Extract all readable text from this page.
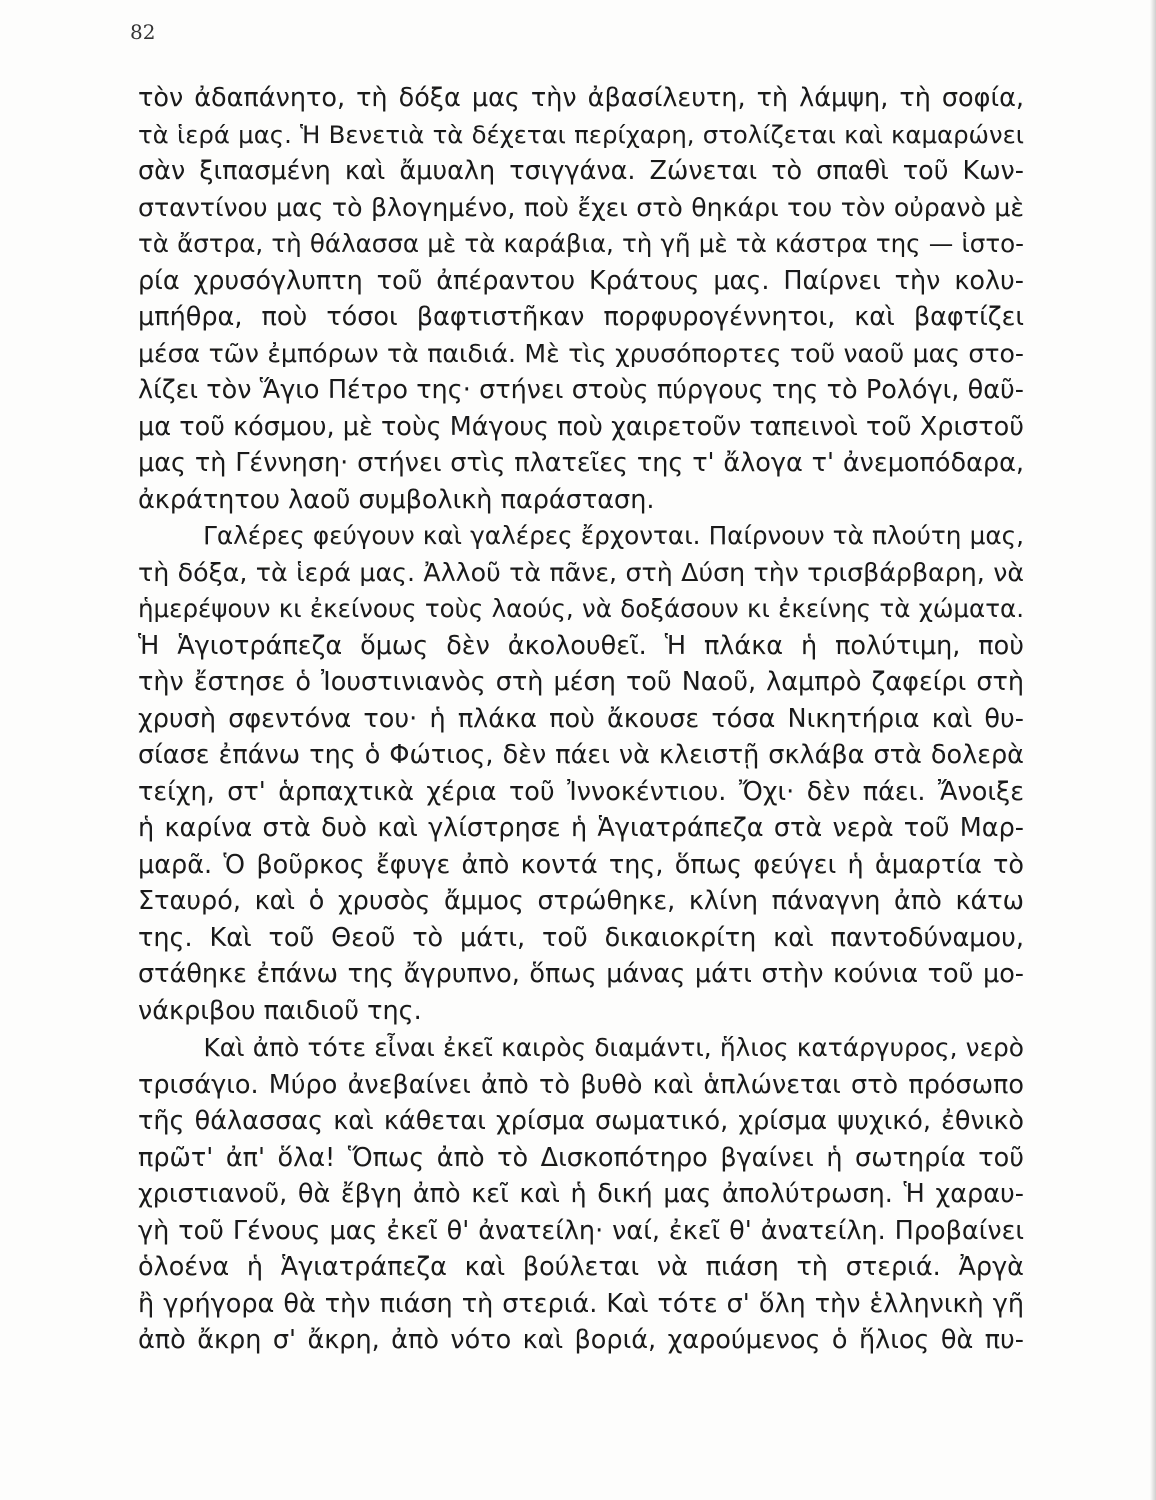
82
τὸν ἀδαπάνητο, τὴ δόξα μας τὴν ἀβασίλευτη, τὴ λάμψη, τὴ σοφία,
τὰ ἱερά μας. Ἡ Βενετιὰ τὰ δέχεται περίχαρη, στολίζεται καὶ καμαρώνει
σὰν ξιπασμένη καὶ ἄμυαλη τσιγγάνα. Ζώνεται τὸ σπαθὶ τοῦ Κων-
σταντίνου μας τὸ βλογημένο, ποὺ ἔχει στὸ θηκάρι του τὸν οὐρανὸ μὲ
τὰ ἄστρα, τὴ θάλασσα μὲ τὰ καράβια, τὴ γῆ μὲ τὰ κάστρα της — ἱστο-
ρία χρυσόγλυπτη τοῦ ἀπέραντου Κράτους μας. Παίρνει τὴν κολυ-
μπήθρα, ποὺ τόσοι βαφτιστῆκαν πορφυρογέννητοι, καὶ βαφτίζει
μέσα τῶν ἐμπόρων τὰ παιδιά. Μὲ τὶς χρυσόπορτες τοῦ ναοῦ μας στο-
λίζει τὸν Ἅγιο Πέτρο της· στήνει στοὺς πύργους της τὸ Ρολόγι, θαῦ-
μα τοῦ κόσμου, μὲ τοὺς Μάγους ποὺ χαιρετοῦν ταπεινοὶ τοῦ Χριστοῦ
μας τὴ Γέννηση· στήνει στὶς πλατεῖες της τ' ἄλογα τ' ἀνεμοπόδαρα,
ἀκράτητου λαοῦ συμβολικὴ παράσταση.
Γαλέρες φεύγουν καὶ γαλέρες ἔρχονται. Παίρνουν τὰ πλούτη μας,
τὴ δόξα, τὰ ἱερά μας. Ἀλλοῦ τὰ πᾶνε, στὴ Δύση τὴν τρισβάρβαρη, νὰ
ἡμερέψουν κι ἐκείνους τοὺς λαούς, νὰ δοξάσουν κι ἐκείνης τὰ χώματα.
Ἡ Ἁγιοτράπεζα ὅμως δὲν ἀκολουθεῖ. Ἡ πλάκα ἡ πολύτιμη, ποὺ
τὴν ἔστησε ὁ Ἰουστινιανὸς στὴ μέση τοῦ Ναοῦ, λαμπρὸ ζαφείρι στὴ
χρυσὴ σφεντόνα του· ἡ πλάκα ποὺ ἄκουσε τόσα Νικητήρια καὶ θυ-
σίασε ἐπάνω της ὁ Φώτιος, δὲν πάει νὰ κλειστῇ σκλάβα στὰ δολερὰ
τείχη, στ' ἁρπαχτικὰ χέρια τοῦ Ἰννοκέντιου. Ὄχι· δὲν πάει. Ἄνοιξε
ἡ καρίνα στὰ δυὸ καὶ γλίστρησε ἡ Ἁγιατράπεζα στὰ νερὰ τοῦ Μαρ-
μαρᾶ. Ὁ βοῦρκος ἔφυγε ἀπὸ κοντά της, ὅπως φεύγει ἡ ἁμαρτία τὸ
Σταυρό, καὶ ὁ χρυσὸς ἄμμος στρώθηκε, κλίνη πάναγνη ἀπὸ κάτω
της. Καὶ τοῦ Θεοῦ τὸ μάτι, τοῦ δικαιοκρίτη καὶ παντοδύναμου,
στάθηκε ἐπάνω της ἄγρυπνο, ὅπως μάνας μάτι στὴν κούνια τοῦ μο-
νάκριβου παιδιοῦ της.
Καὶ ἀπὸ τότε εἶναι ἐκεῖ καιρὸς διαμάντι, ἥλιος κατάργυρος, νερὸ
τρισάγιο. Μύρο ἀνεβαίνει ἀπὸ τὸ βυθὸ καὶ ἁπλώνεται στὸ πρόσωπο
τῆς θάλασσας καὶ κάθεται χρίσμα σωματικό, χρίσμα ψυχικό, ἐθνικὸ
πρῶτ' ἀπ' ὅλα! Ὅπως ἀπὸ τὸ Δισκοπότηρο βγαίνει ἡ σωτηρία τοῦ
χριστιανοῦ, θὰ ἔβγη ἀπὸ κεῖ καὶ ἡ δική μας ἀπολύτρωση. Ἡ χαραυ-
γὴ τοῦ Γένους μας ἐκεῖ θ' ἀνατείλη· ναί, ἐκεῖ θ' ἀνατείλη. Προβαίνει
ὁλοένα ἡ Ἁγιατράπεζα καὶ βούλεται νὰ πιάση τὴ στεριά. Ἀργὰ
ἢ γρήγορα θὰ τὴν πιάση τὴ στεριά. Καὶ τότε σ' ὅλη τὴν ἑλληνικὴ γῆ
ἀπὸ ἄκρη σ' ἄκρη, ἀπὸ νότο καὶ βοριά, χαρούμενος ὁ ἥλιος θὰ πυ-
